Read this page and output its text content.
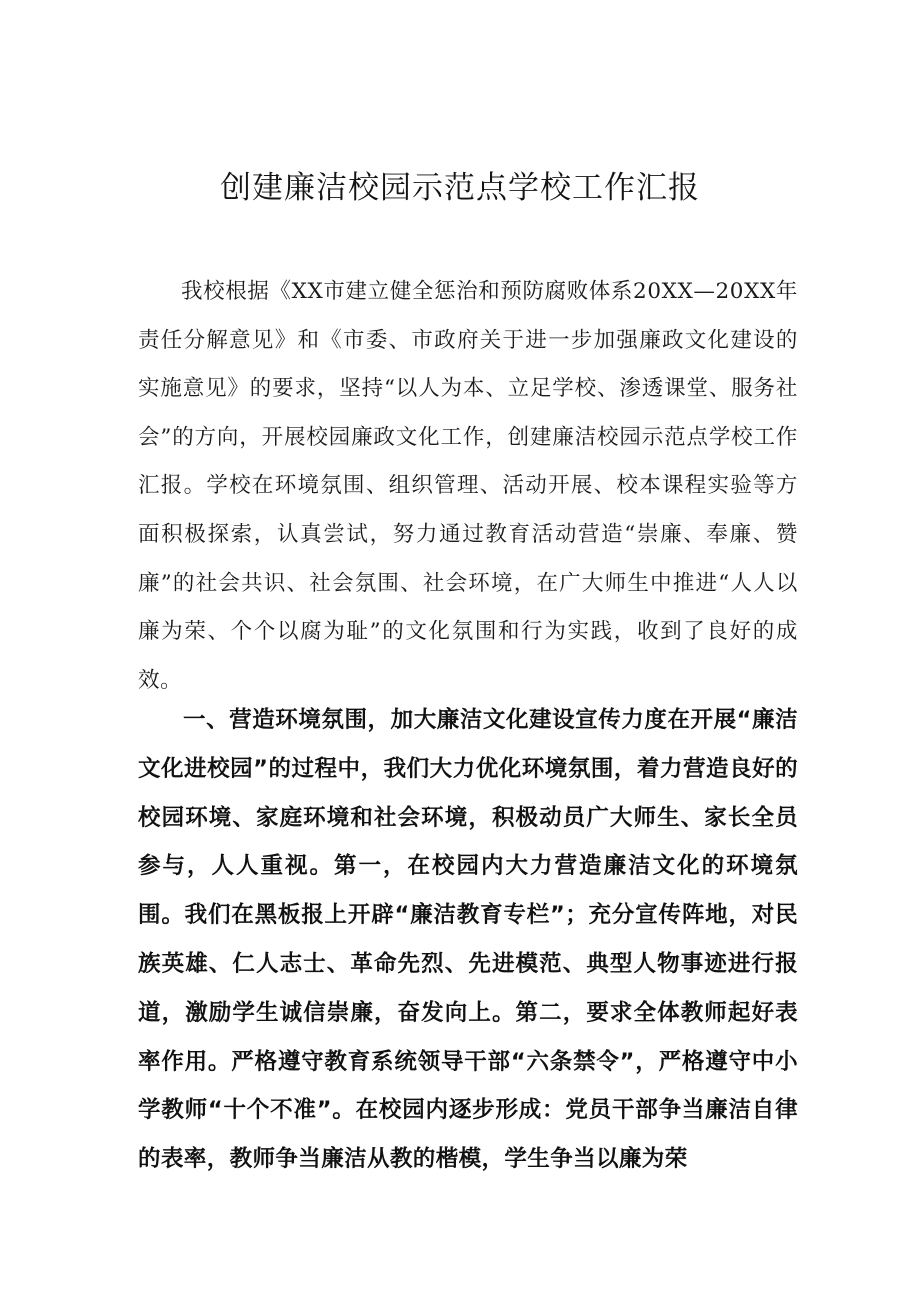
创建廉洁校园示范点学校工作汇报

我校根据《XX市建立健全惩治和预防腐败体系20XX—20XX年责任分解意见》和《市委、市政府关于进一步加强廉政文化建设的实施意见》的要求，坚持“以人为本、立足学校、渗透课堂、服务社会”的方向，开展校园廉政文化工作，创建廉洁校园示范点学校工作汇报。学校在环境氛围、组织管理、活动开展、校本课程实验等方面积极探索，认真尝试，努力通过教育活动营造“崇廉、奉廉、赞廉”的社会共识、社会氛围、社会环境，在广大师生中推进“人人以廉为荣、个个以腐为耻”的文化氛围和行为实践，收到了良好的成效。

一、营造环境氛围，加大廉洁文化建设宣传力度在开展“廉洁文化进校园”的过程中，我们大力优化环境氛围，着力营造良好的校园环境、家庭环境和社会环境，积极动员广大师生、家长全员参与，人人重视。第一，在校园内大力营造廉洁文化的环境氛围。我们在黑板报上开辟“廉洁教育专栏”；充分宣传阵地，对民族英雄、仁人志士、革命先烈、先进模范、典型人物事迹进行报道，激励学生诚信崇廉，奋发向上。第二，要求全体教师起好表率作用。严格遵守教育系统领导干部“六条禁令”，严格遵守中小学教师“十个不准”。在校园内逐步形成：党员干部争当廉洁自律的表率，教师争当廉洁从教的楷模，学生争当以廉为荣
